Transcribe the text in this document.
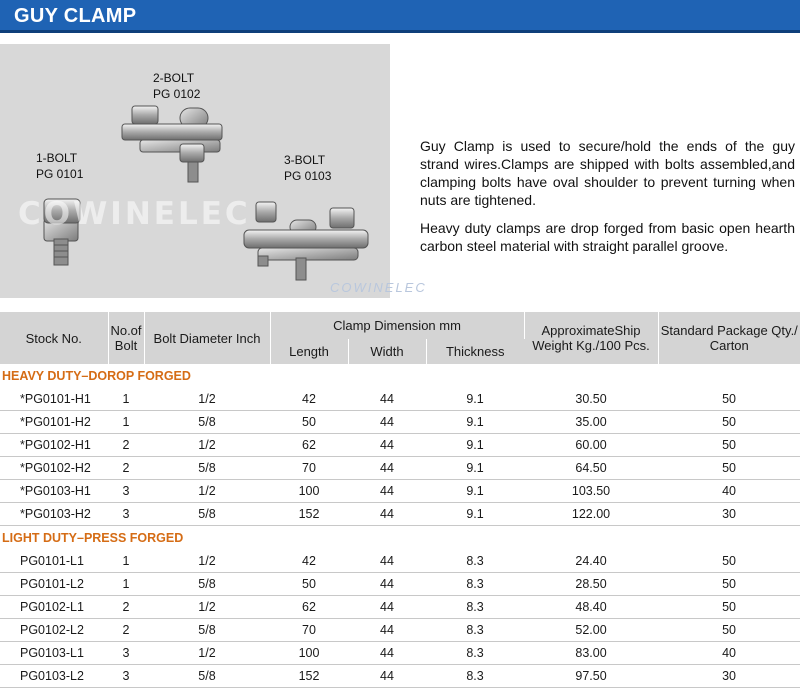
GUY CLAMP
1-BOLT
PG 0101
2-BOLT
PG 0102
3-BOLT
PG 0103
COWINELEC
COWINELEC

Guy Clamp is used to secure/hold the ends of the guy strand wires.Clamps are shipped with bolts assembled,and clamping bolts have oval shoulder to prevent turning when nuts are tightened.

Heavy duty clamps are drop forged from basic open hearth carbon steel material with straight parallel groove.

Stock No.	No.of Bolt	Bolt Diameter Inch	Clamp Dimension mm			ApproximateShip Weight Kg./100 Pcs.	Standard Package Qty./ Carton
			Length	Width	Thickness		
HEAVY DUTY–DOROP FORGED							
*PG0101-H1	1	1/2	42	44	9.1	30.50	50
*PG0101-H2	1	5/8	50	44	9.1	35.00	50
*PG0102-H1	2	1/2	62	44	9.1	60.00	50
*PG0102-H2	2	5/8	70	44	9.1	64.50	50
*PG0103-H1	3	1/2	100	44	9.1	103.50	40
*PG0103-H2	3	5/8	152	44	9.1	122.00	30
LIGHT DUTY–PRESS FORGED							
PG0101-L1	1	1/2	42	44	8.3	24.40	50
PG0101-L2	1	5/8	50	44	8.3	28.50	50
PG0102-L1	2	1/2	62	44	8.3	48.40	50
PG0102-L2	2	5/8	70	44	8.3	52.00	50
PG0103-L1	3	1/2	100	44	8.3	83.00	40
PG0103-L2	3	5/8	152	44	8.3	97.50	30
